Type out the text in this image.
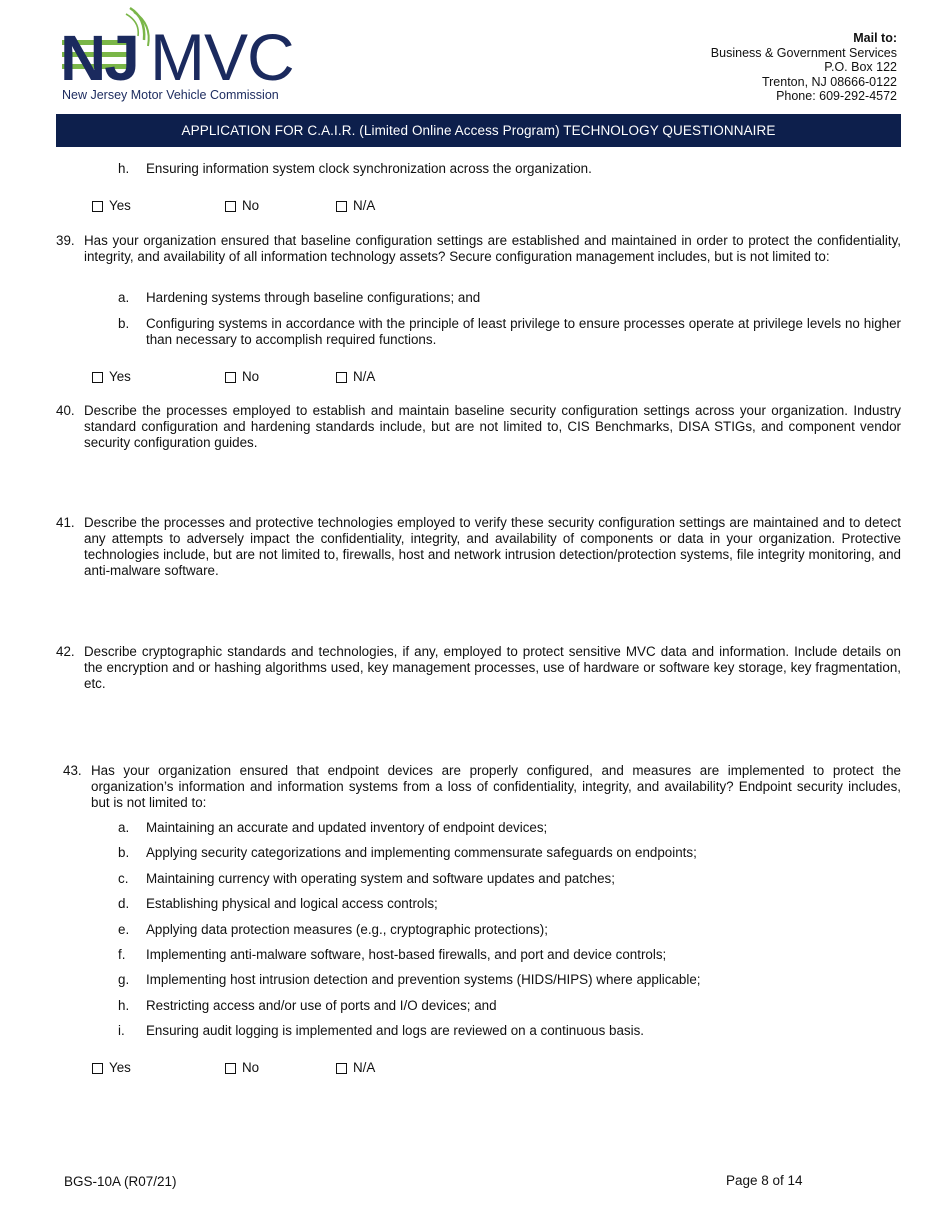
NJ MVC
New Jersey Motor Vehicle Commission
Mail to:
Business & Government Services
P.O. Box 122
Trenton, NJ 08666-0122
Phone: 609-292-4572
APPLICATION FOR C.A.I.R. (Limited Online Access Program) TECHNOLOGY QUESTIONNAIRE
h. Ensuring information system clock synchronization across the organization.
Yes	No	N/A
39. Has your organization ensured that baseline configuration settings are established and maintained in order to protect the confidentiality, integrity, and availability of all information technology assets? Secure configuration management includes, but is not limited to:
a. Hardening systems through baseline configurations; and
b. Configuring systems in accordance with the principle of least privilege to ensure processes operate at privilege levels no higher than necessary to accomplish required functions.
Yes	No	N/A
40. Describe the processes employed to establish and maintain baseline security configuration settings across your organization. Industry standard configuration and hardening standards include, but are not limited to, CIS Benchmarks, DISA STIGs, and component vendor security configuration guides.
41. Describe the processes and protective technologies employed to verify these security configuration settings are maintained and to detect any attempts to adversely impact the confidentiality, integrity, and availability of components or data in your organization. Protective technologies include, but are not limited to, firewalls, host and network intrusion detection/protection systems, file integrity monitoring, and anti-malware software.
42. Describe cryptographic standards and technologies, if any, employed to protect sensitive MVC data and information. Include details on the encryption and or hashing algorithms used, key management processes, use of hardware or software key storage, key fragmentation, etc.
43. Has your organization ensured that endpoint devices are properly configured, and measures are implemented to protect the organization’s information and information systems from a loss of confidentiality, integrity, and availability? Endpoint security includes, but is not limited to:
a. Maintaining an accurate and updated inventory of endpoint devices;
b. Applying security categorizations and implementing commensurate safeguards on endpoints;
c. Maintaining currency with operating system and software updates and patches;
d. Establishing physical and logical access controls;
e. Applying data protection measures (e.g., cryptographic protections);
f. Implementing anti-malware software, host-based firewalls, and port and device controls;
g. Implementing host intrusion detection and prevention systems (HIDS/HIPS) where applicable;
h. Restricting access and/or use of ports and I/O devices; and
i. Ensuring audit logging is implemented and logs are reviewed on a continuous basis.
Yes	No	N/A
BGS-10A (R07/21)	Page 8 of 14
